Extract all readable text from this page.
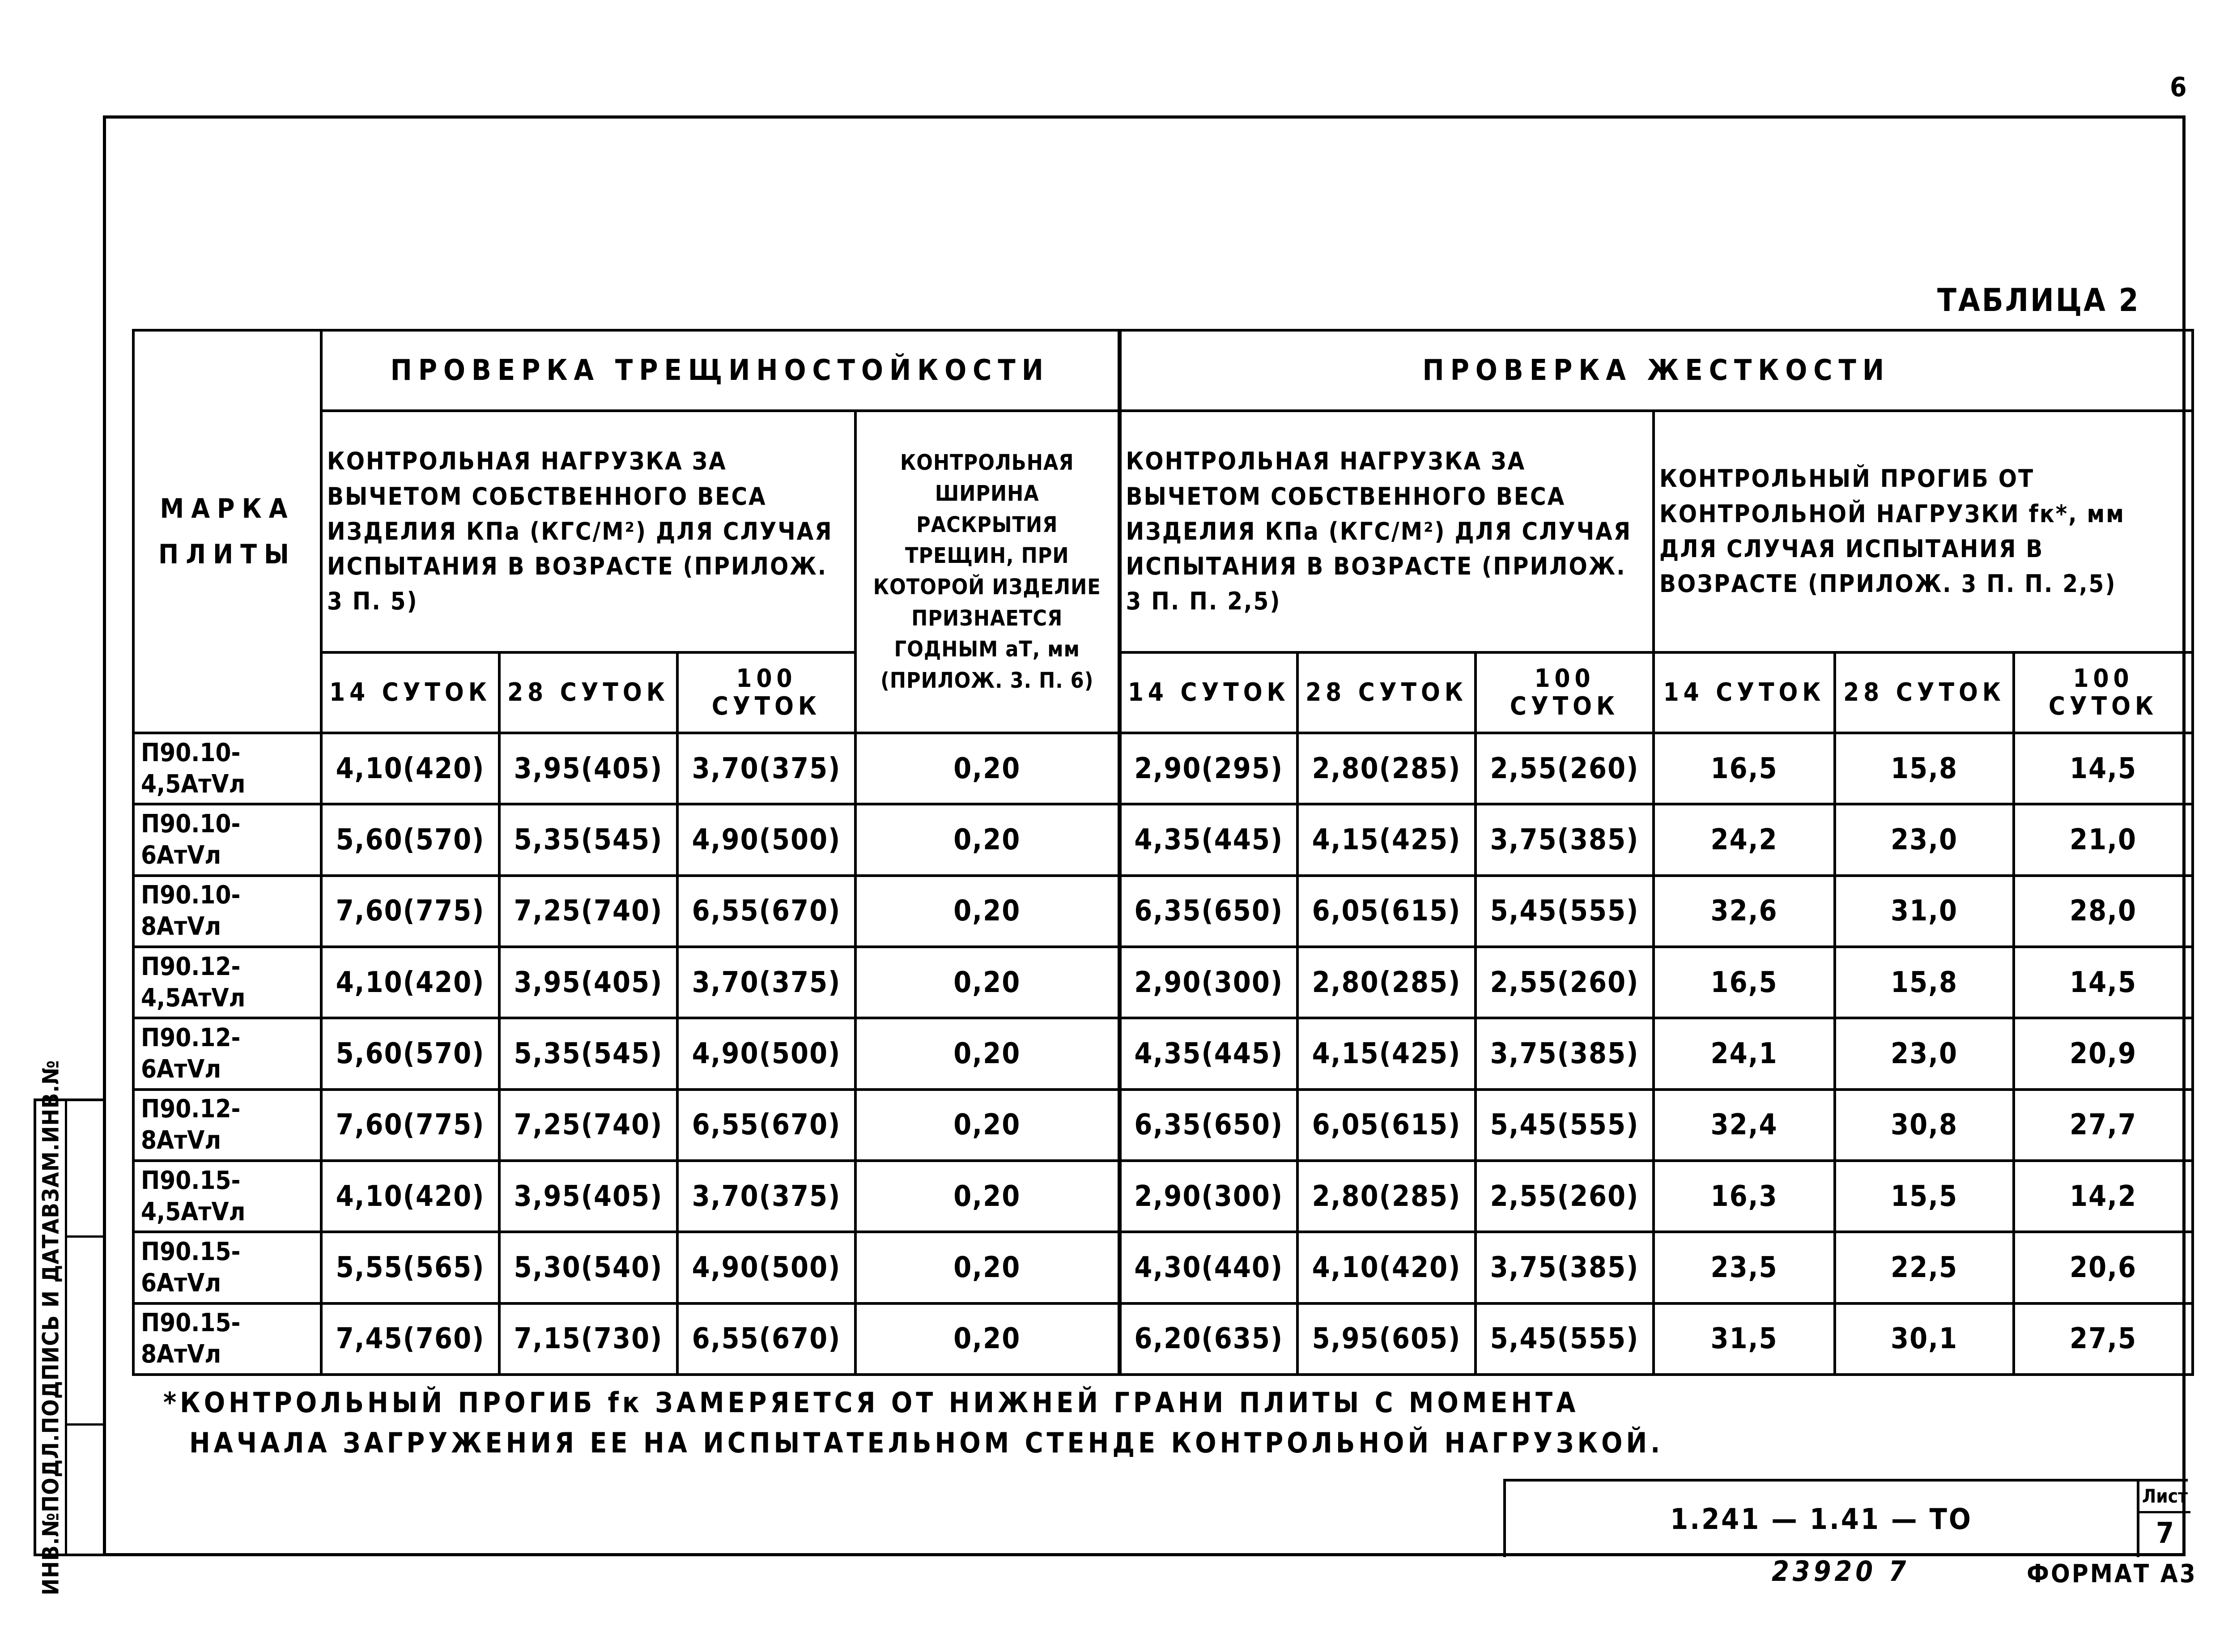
6
ИНВ.№ПОДЛ.ПОДПИСЬ И ДАТАВЗАМ.ИНВ.№
ТАБЛИЦА 2
МАРКА ПЛИТЫ	ПРОВЕРКА ТРЕЩИНОСТОЙКОСТИ				ПРОВЕРКА ЖЕСТКОСТИ					
	КОНТРОЛЬНАЯ НАГРУЗКА ЗА ВЫЧЕТОМ СОБСТВЕННОГО ВЕСА ИЗДЕЛИЯ КПа (КГС/М²) ДЛЯ СЛУЧАЯ ИСПЫТАНИЯ В ВОЗРАСТЕ (ПРИЛОЖ. 3 П. 5)			КОНТРОЛЬНАЯ ШИРИНА РАСКРЫТИЯ ТРЕЩИН, ПРИ КОТОРОЙ ИЗДЕЛИЕ ПРИЗНАЕТСЯ ГОДНЫМ аТ, мм (ПРИЛОЖ. 3. П. 6)	КОНТРОЛЬНАЯ НАГРУЗКА ЗА ВЫЧЕТОМ СОБСТВЕННОГО ВЕСА ИЗДЕЛИЯ КПа (КГС/М²) ДЛЯ СЛУЧАЯ ИСПЫТАНИЯ В ВОЗРАСТЕ (ПРИЛОЖ. 3 П. П. 2,5)			КОНТРОЛЬНЫЙ ПРОГИБ ОТ КОНТРОЛЬНОЙ НАГРУЗКИ fк*, мм ДЛЯ СЛУЧАЯ ИСПЫТАНИЯ В ВОЗРАСТЕ (ПРИЛОЖ. 3 П. П. 2,5)		
	14 СУТОК	28 СУТОК	100 СУТОК		14 СУТОК	28 СУТОК	100 СУТОК	14 СУТОК	28 СУТОК	100 СУТОК
П90.10-4,5АтⅤл	4,10(420)	3,95(405)	3,70(375)	0,20	2,90(295)	2,80(285)	2,55(260)	16,5	15,8	14,5
П90.10-6АтⅤл	5,60(570)	5,35(545)	4,90(500)	0,20	4,35(445)	4,15(425)	3,75(385)	24,2	23,0	21,0
П90.10-8АтⅤл	7,60(775)	7,25(740)	6,55(670)	0,20	6,35(650)	6,05(615)	5,45(555)	32,6	31,0	28,0
П90.12-4,5АтⅤл	4,10(420)	3,95(405)	3,70(375)	0,20	2,90(300)	2,80(285)	2,55(260)	16,5	15,8	14,5
П90.12-6АтⅤл	5,60(570)	5,35(545)	4,90(500)	0,20	4,35(445)	4,15(425)	3,75(385)	24,1	23,0	20,9
П90.12-8АтⅤл	7,60(775)	7,25(740)	6,55(670)	0,20	6,35(650)	6,05(615)	5,45(555)	32,4	30,8	27,7
П90.15-4,5АтⅤл	4,10(420)	3,95(405)	3,70(375)	0,20	2,90(300)	2,80(285)	2,55(260)	16,3	15,5	14,2
П90.15-6АтⅤл	5,55(565)	5,30(540)	4,90(500)	0,20	4,30(440)	4,10(420)	3,75(385)	23,5	22,5	20,6
П90.15-8АтⅤл	7,45(760)	7,15(730)	6,55(670)	0,20	6,20(635)	5,95(605)	5,45(555)	31,5	30,1	27,5
*КОНТРОЛЬНЫЙ ПРОГИБ fк ЗАМЕРЯЕТСЯ ОТ НИЖНЕЙ ГРАНИ ПЛИТЫ С МОМЕНТА
НАЧАЛА ЗАГРУЖЕНИЯ ЕЕ НА ИСПЫТАТЕЛЬНОМ СТЕНДЕ КОНТРОЛЬНОЙ НАГРУЗКОЙ.
1.241 — 1.41 — ТО
Лист
7
23920 7	ФОРМАТ А3
